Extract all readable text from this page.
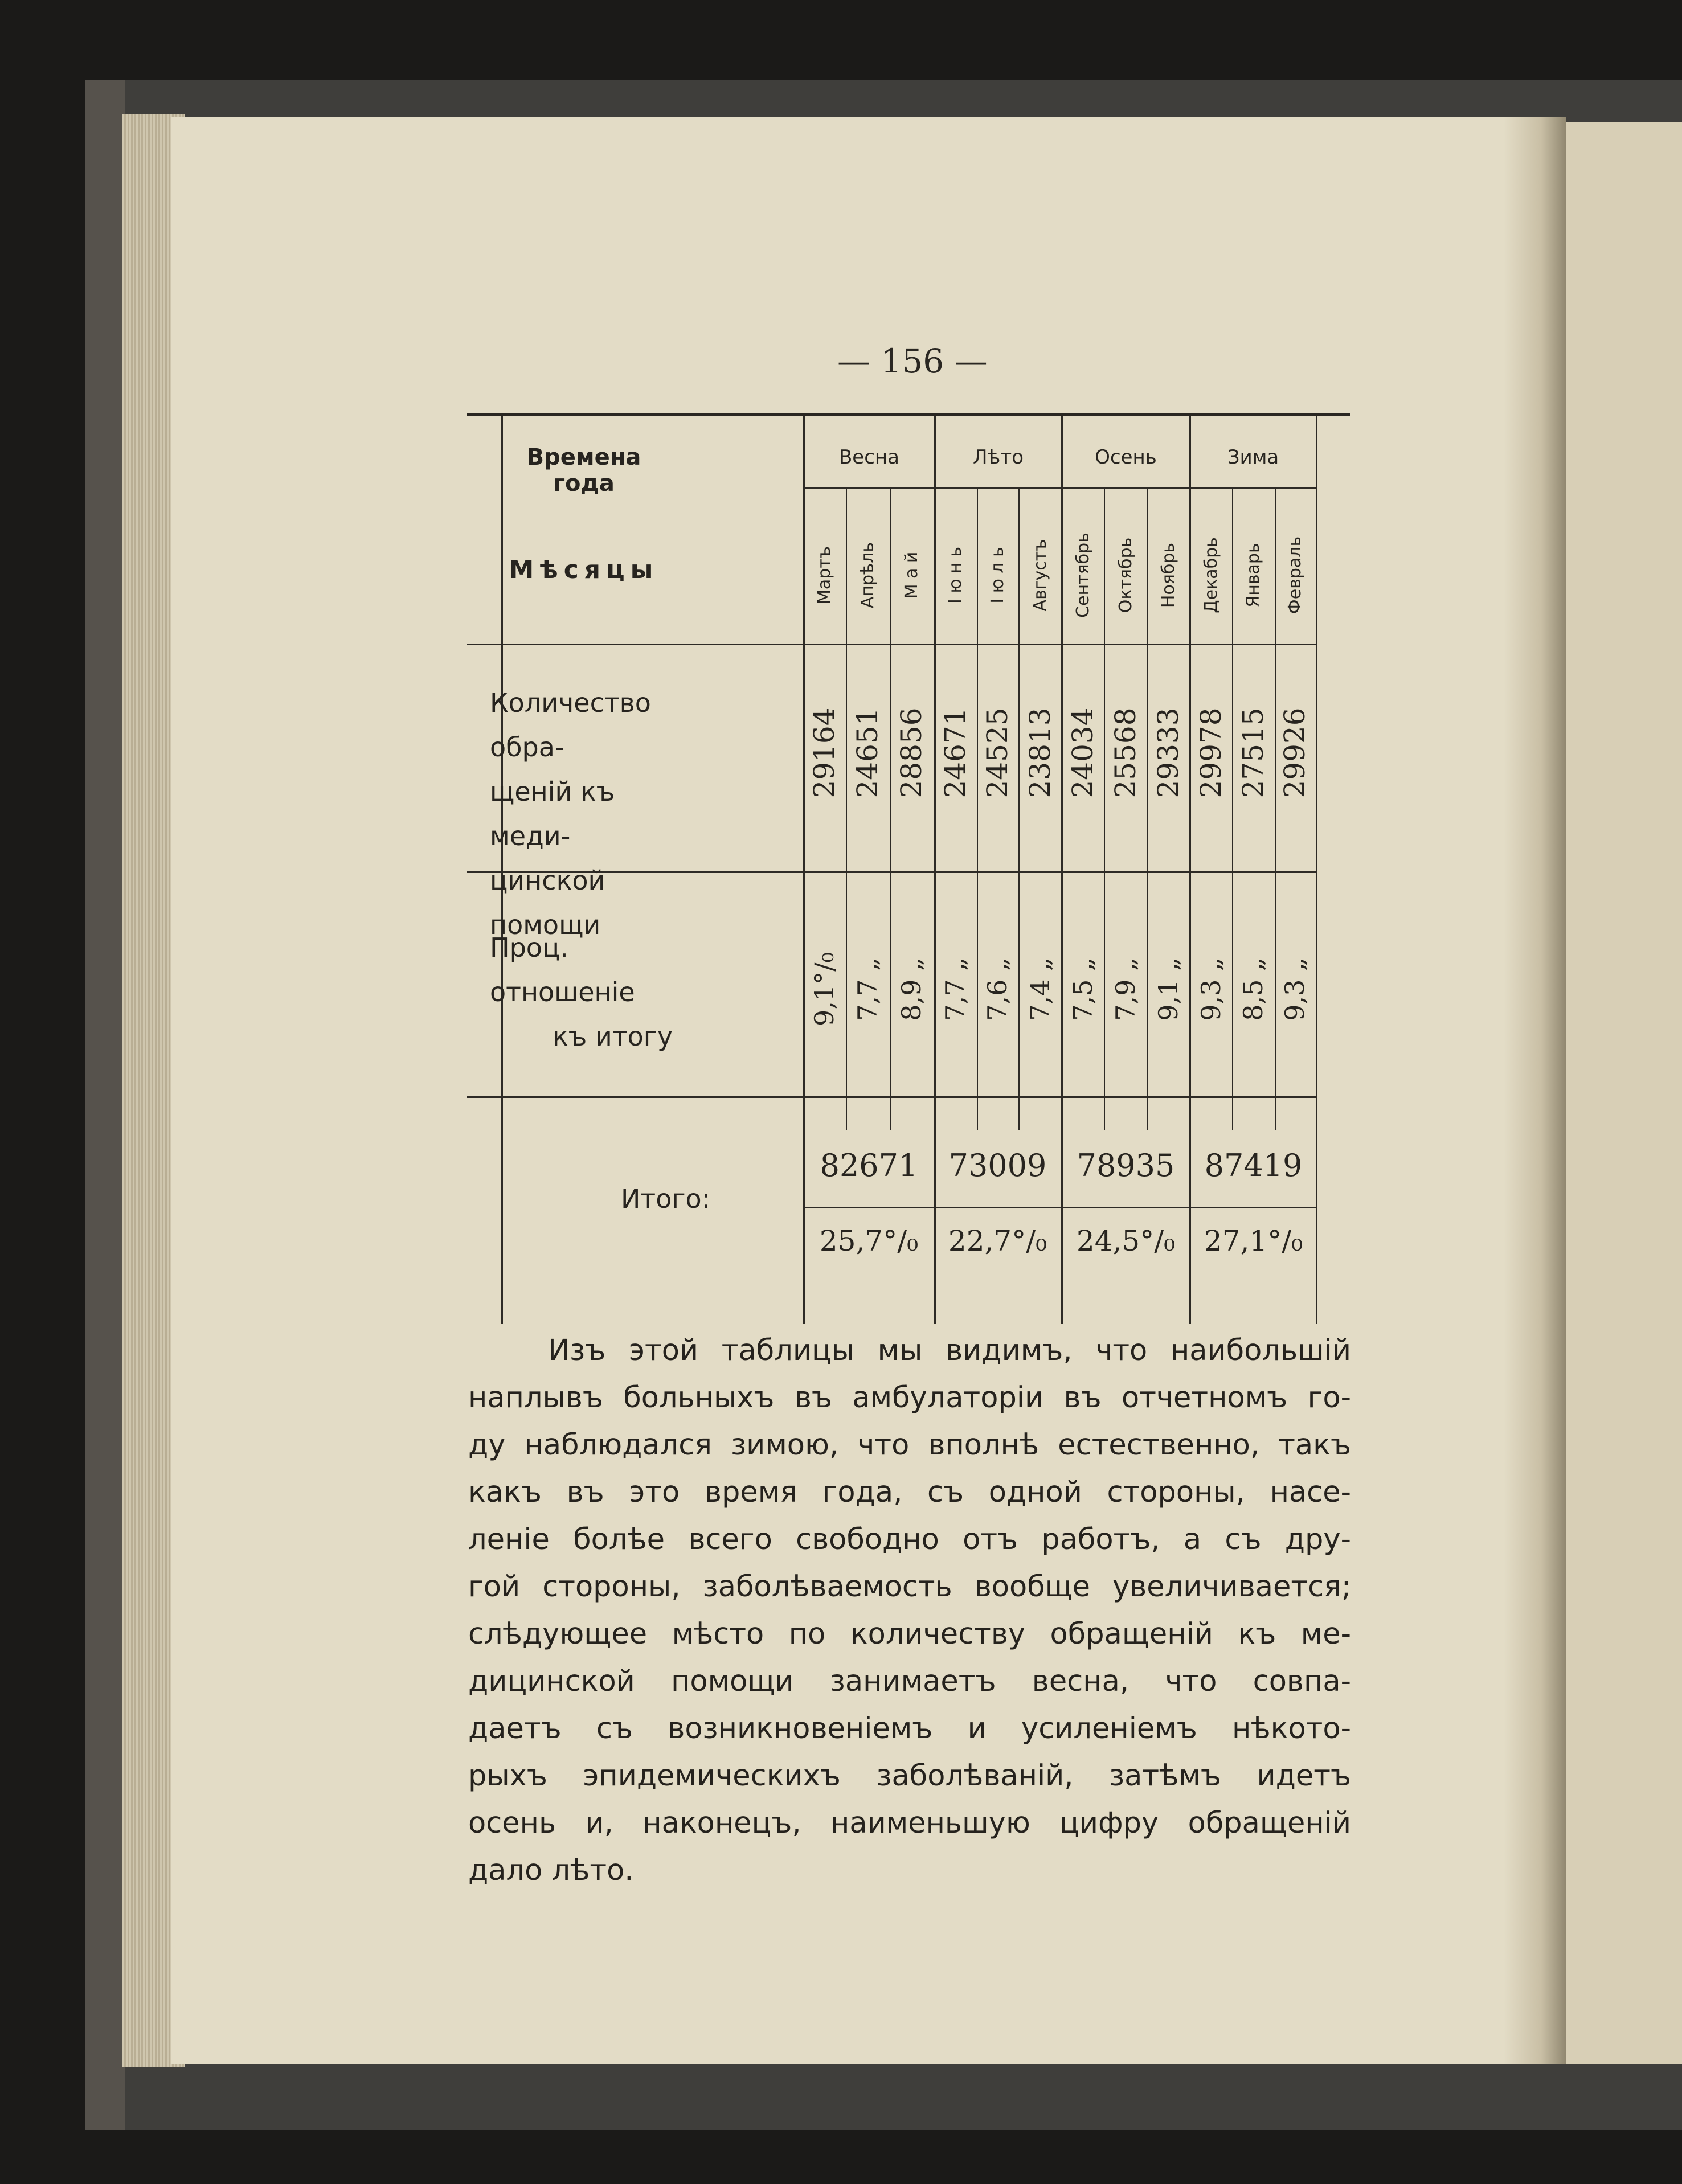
— 156 —
Времена года
Мѣсяцы
Весна	Лѣто	Осень	Зима
Мартъ	Апрѣль	М а й	І ю н ь	І ю л ь	Августъ	Сентябрь	Октябрь	Ноябрь	Декабрь	Январь	Февраль
Количество обра-
щеній къ меди-
цинской помощи
29164 24651 28856 24671 24525 23813 24034 25568 29333 29978 27515 29926
Проц. отношеніе
къ итогу
9,1°/₀ 7,7 „ 8,9 „ 7,7 „ 7,6 „ 7,4 „ 7,5 „ 7,9 „ 9,1 „ 9,3 „ 8,5 „ 9,3 „
Итого:
82671	73009 78935 87419
25,7°/₀	22,7°/₀	24,5°/₀	27,1°/₀
Изъ этой таблицы мы видимъ, что наибольшій
наплывъ больныхъ въ амбулаторіи въ отчетномъ го-
ду наблюдался зимою, что вполнѣ естественно, такъ
какъ въ это время года, съ одной стороны, насе-
леніе болѣе всего свободно отъ работъ, а съ дру-
гой стороны, заболѣваемость вообще увеличивается;
слѣдующее мѣсто по количеству обращеній къ ме-
дицинской помощи занимаетъ весна, что совпа-
даетъ съ возникновеніемъ и усиленіемъ нѣкото-
рыхъ эпидемическихъ заболѣваній, затѣмъ идетъ
осень и, наконецъ, наименьшую цифру обращеній
дало лѣто.
